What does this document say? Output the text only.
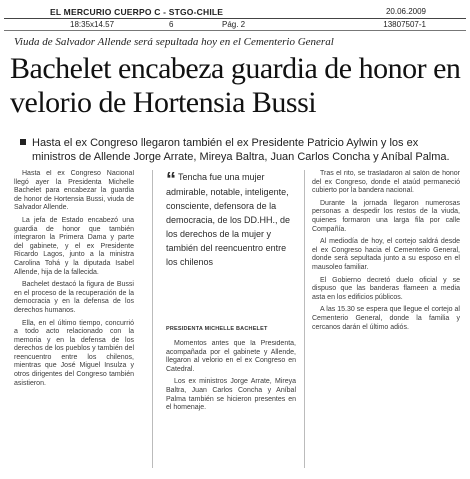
EL MERCURIO CUERPO C - STGO-CHILE	20.06.2009
18:35x14.57	6	Pág. 2	13807507-1
Viuda de Salvador Allende será sepultada hoy en el Cementerio General
Bachelet encabeza guardia de honor en velorio de Hortensia Bussi
Hasta el ex Congreso llegaron también el ex Presidente Patricio Aylwin y los ex ministros de Allende Jorge Arrate, Mireya Baltra, Juan Carlos Concha y Aníbal Palma.

Hasta el ex Congreso Nacional llegó ayer la Presidenta Michelle Bachelet para encabezar la guardia de honor de Hortensia Bussi, viuda de Salvador Allende.

La jefa de Estado encabezó una guardia de honor que también integraron la Primera Dama y parte del gabinete, y el ex Presidente Ricardo Lagos, junto a la ministra Carolina Tohá y la diputada Isabel Allende, hija de la fallecida.

Bachelet destacó la figura de Bussi en el proceso de la recuperación de la democracia y en la defensa de los derechos humanos.

Ella, en el último tiempo, concurrió a todo acto relacionado con la memoria y en la defensa de los derechos de los pueblos y también del reencuentro entre los chilenos, mientras que José Miguel Insulza y otros dirigentes del Congreso también asistieron.

“ Tencha fue una mujer admirable, notable, inteligente, consciente, defensora de la democracia, de los DD.HH., de los derechos de la mujer y también del reencuentro entre los chilenos
PRESIDENTA MICHELLE BACHELET

Momentos antes que la Presidenta, acompañada por el gabinete y Allende, llegaron al velorio en el ex Congreso en Catedral.

Los ex ministros Jorge Arrate, Mireya Baltra, Juan Carlos Concha y Aníbal Palma también se hicieron presentes en el homenaje.

Tras el rito, se trasladaron al salón de honor del ex Congreso, donde el ataúd permaneció cubierto por la bandera nacional.

Durante la jornada llegaron numerosas personas a despedir los restos de la viuda, quienes formaron una larga fila por calle Compañía.

Al mediodía de hoy, el cortejo saldrá desde el ex Congreso hacia el Cementerio General, donde será sepultada junto a su esposo en el mausoleo familiar.

El Gobierno decretó duelo oficial y se dispuso que las banderas flameen a media asta en los edificios públicos.

A las 15.30 se espera que llegue el cortejo al Cementerio General, donde la familia y cercanos darán el último adiós.
